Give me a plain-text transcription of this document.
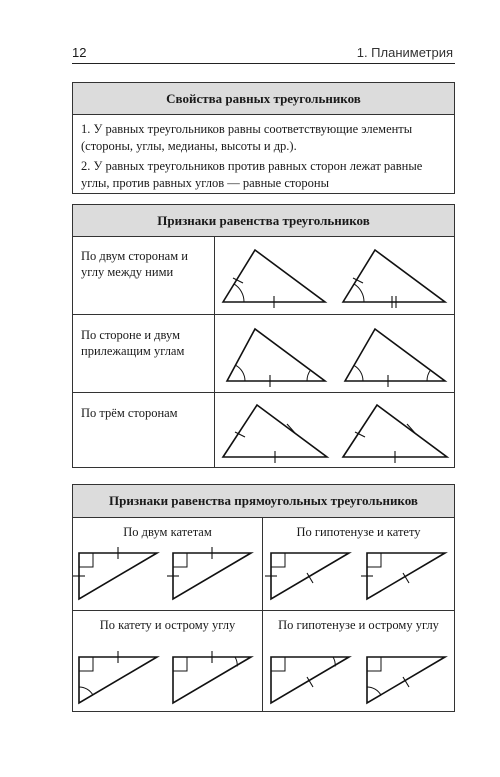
12	1. Планиметрия
Свойства равных треугольников

1. У равных треугольников равны соответствующие элементы (стороны, углы, медианы, высоты и др.).

2. У равных треугольников против равных сторон лежат равные углы, против равных углов — равные стороны

Признаки равенства треугольников
По двум сторонам и углу между ними
По стороне и двум прилежащим углам
По трём сторонам
Признаки равенства прямоугольных треугольников
По двум катетам	По гипотенузе и катету
По катету и острому углу	По гипотенузе и острому углу
